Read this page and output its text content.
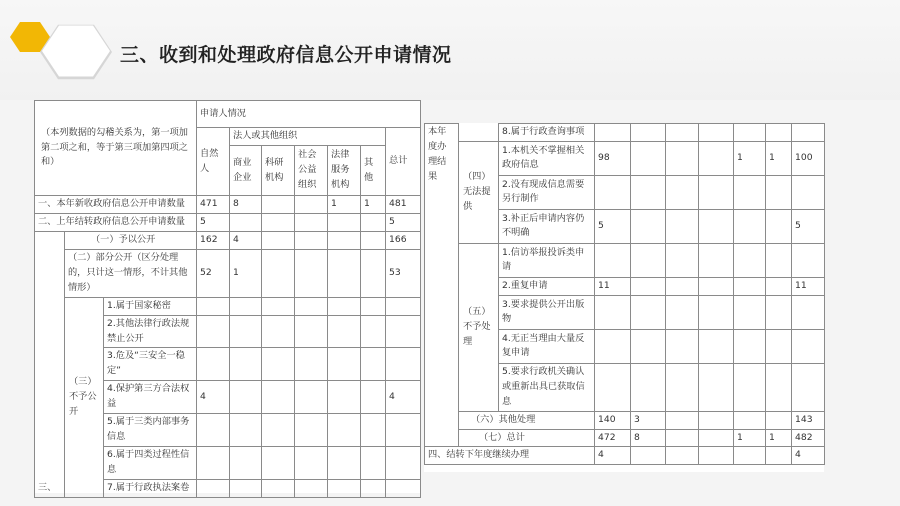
三、收到和处理政府信息公开申请情况
（本列数据的勾稽关系为，第一项加第二项之和，等于第三项加第四项之和）			申请人情况						
			自然人	法人或其他组织					总计
				商业企业	科研机构	社会公益组织	法律服务机构	其他	
一、本年新收政府信息公开申请数量			471	8			1	1	481
二、上年结转政府信息公开申请数量			5						5
三、	（一）予以公开		162	4					166
	（二）部分公开（区分处理的，只计这一情形，不计其他情形）		52	1					53
	（三）不予公开	1.属于国家秘密							
		2.其他法律行政法规禁止公开							
		3.危及“三安全一稳定”							
		4.保护第三方合法权益	4						4
		5.属于三类内部事务信息							
		6.属于四类过程性信息							
		7.属于行政执法案卷							
本年度办理结果		8.属于行政查询事项							
	（四）无法提供	1.本机关不掌握相关政府信息	98				1	1	100
		2.没有现成信息需要另行制作							
		3.补正后申请内容仍不明确	5						5
	（五）不予处理	1.信访举报投诉类申请							
		2.重复申请	11						11
		3.要求提供公开出版物							
		4.无正当理由大量反复申请							
		5.要求行政机关确认或重新出具已获取信息							
	（六）其他处理		140	3					143
	（七）总计		472	8			1	1	482

四、结转下年度继续办理			4						4
